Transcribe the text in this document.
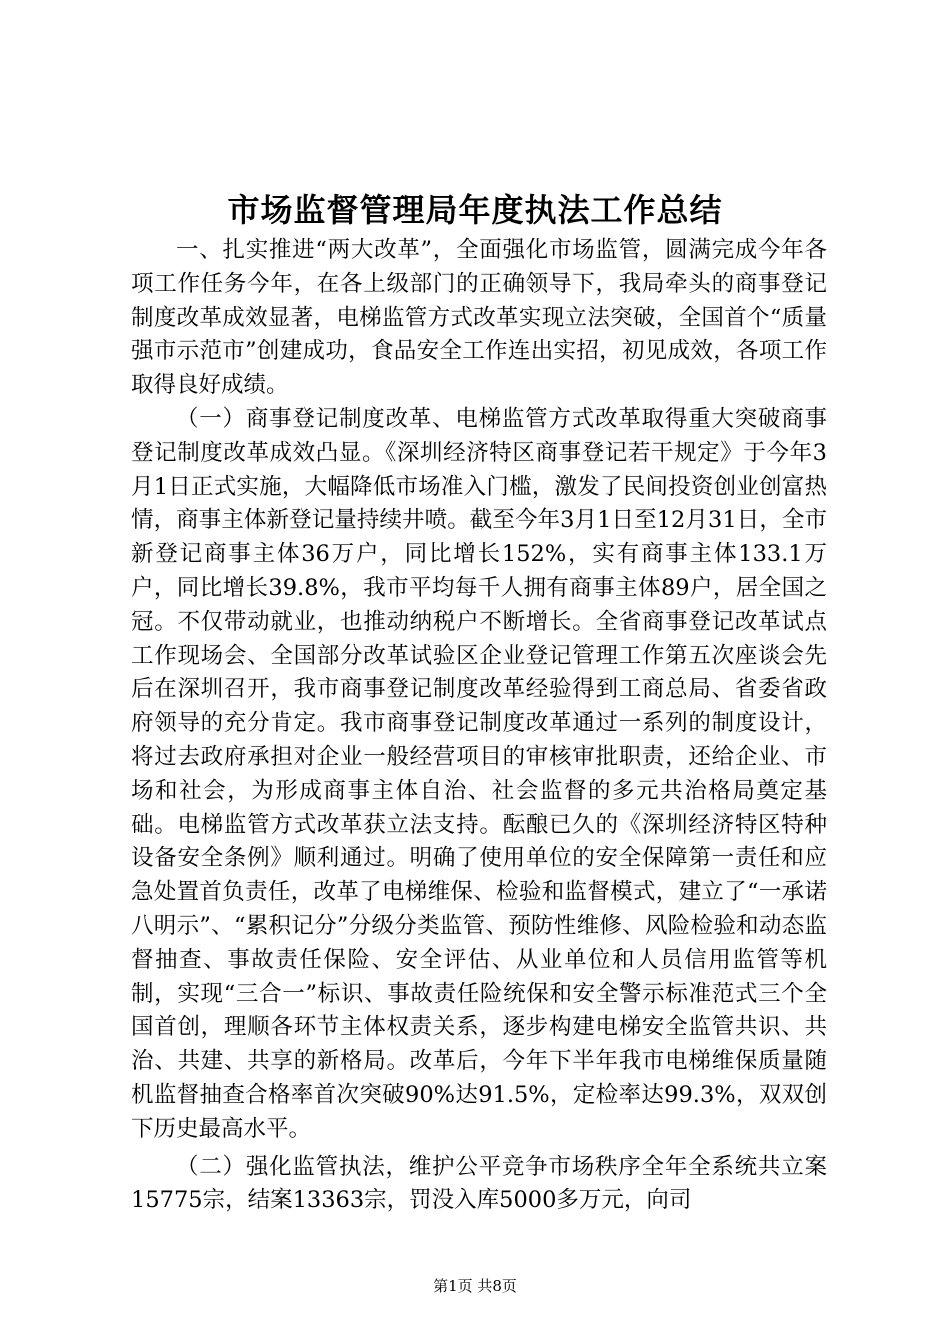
市场监督管理局年度执法工作总结

一、扎实推进“两大改革”，全面强化市场监管，圆满完成今年各项工作任务今年，在各上级部门的正确领导下，我局牵头的商事登记制度改革成效显著，电梯监管方式改革实现立法突破，全国首个“质量强市示范市”创建成功，食品安全工作连出实招，初见成效，各项工作取得良好成绩。

（一）商事登记制度改革、电梯监管方式改革取得重大突破商事登记制度改革成效凸显。《深圳经济特区商事登记若干规定》于今年3月1日正式实施，大幅降低市场准入门槛，激发了民间投资创业创富热情，商事主体新登记量持续井喷。截至今年3月1日至12月31日，全市新登记商事主体36万户，同比增长152%，实有商事主体133.1万户，同比增长39.8%，我市平均每千人拥有商事主体89户，居全国之冠。不仅带动就业，也推动纳税户不断增长。全省商事登记改革试点工作现场会、全国部分改革试验区企业登记管理工作第五次座谈会先后在深圳召开，我市商事登记制度改革经验得到工商总局、省委省政府领导的充分肯定。我市商事登记制度改革通过一系列的制度设计，将过去政府承担对企业一般经营项目的审核审批职责，还给企业、市场和社会，为形成商事主体自治、社会监督的多元共治格局奠定基础。电梯监管方式改革获立法支持。酝酿已久的《深圳经济特区特种设备安全条例》顺利通过。明确了使用单位的安全保障第一责任和应急处置首负责任，改革了电梯维保、检验和监督模式，建立了“一承诺八明示”、“累积记分”分级分类监管、预防性维修、风险检验和动态监督抽查、事故责任保险、安全评估、从业单位和人员信用监管等机制，实现“三合一”标识、事故责任险统保和安全警示标准范式三个全国首创，理顺各环节主体权责关系，逐步构建电梯安全监管共识、共治、共建、共享的新格局。改革后，今年下半年我市电梯维保质量随机监督抽查合格率首次突破90%达91.5%，定检率达99.3%，双双创下历史最高水平。

（二）强化监管执法，维护公平竞争市场秩序全年全系统共立案15775宗，结案13363宗，罚没入库5000多万元，向司

第1页 共8页
